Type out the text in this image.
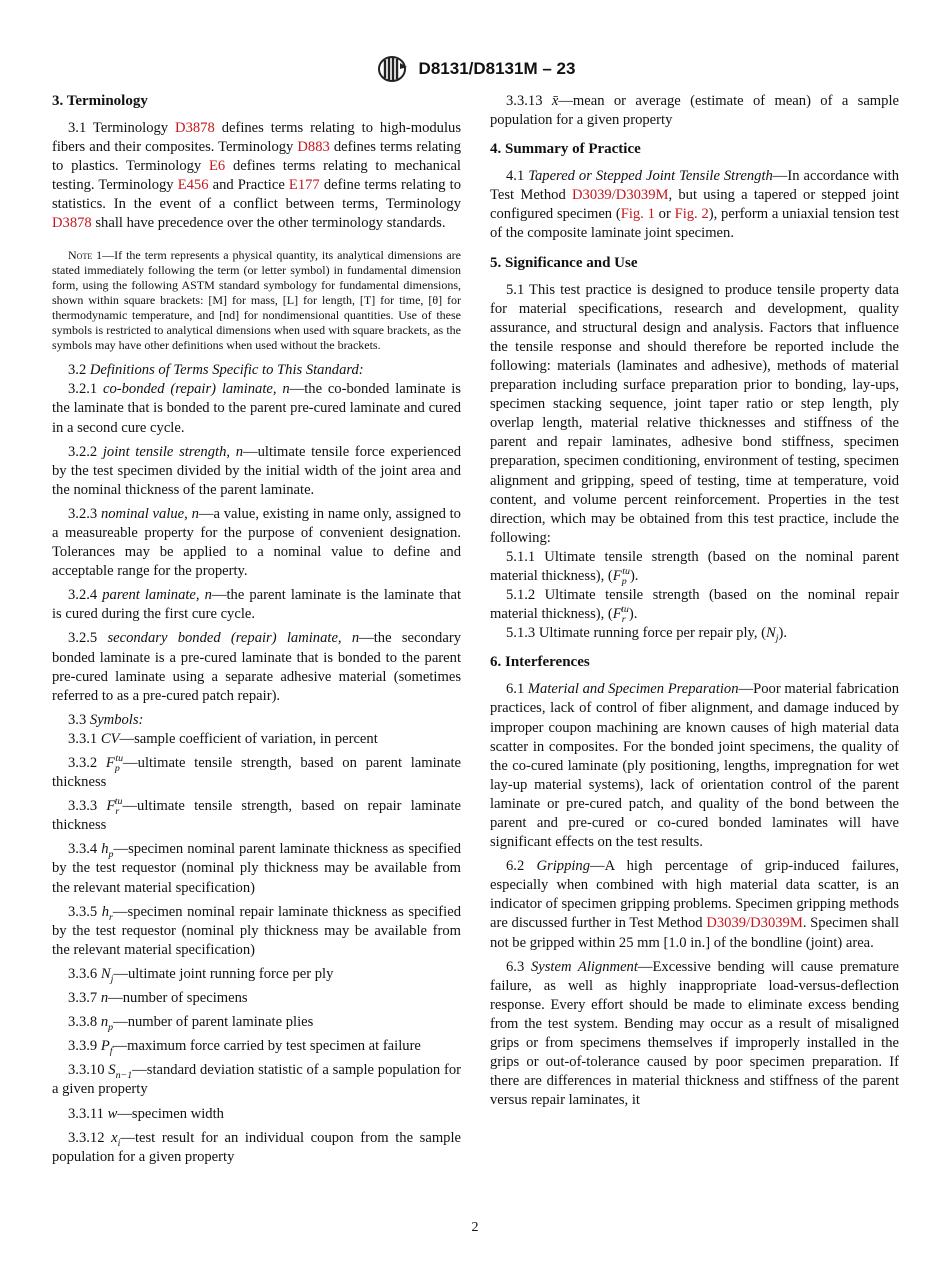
D8131/D8131M – 23
3. Terminology

3.1 Terminology D3878 defines terms relating to high-modulus fibers and their composites. Terminology D883 defines terms relating to plastics. Terminology E6 defines terms relating to mechanical testing. Terminology E456 and Practice E177 define terms relating to statistics. In the event of a conflict between terms, Terminology D3878 shall have precedence over the other terminology standards.

Note 1—If the term represents a physical quantity, its analytical dimensions are stated immediately following the term (or letter symbol) in fundamental dimension form, using the following ASTM standard symbology for fundamental dimensions, shown within square brackets: [M] for mass, [L] for length, [T] for time, [θ] for thermodynamic temperature, and [nd] for nondimensional quantities. Use of these symbols is restricted to analytical dimensions when used with square brackets, as the symbols may have other definitions when used without the brackets.

3.2 Definitions of Terms Specific to This Standard:

3.2.1 co-bonded (repair) laminate, n—the co-bonded laminate is the laminate that is bonded to the parent pre-cured laminate and cured in a second cure cycle.

3.2.2 joint tensile strength, n—ultimate tensile force experienced by the test specimen divided by the initial width of the joint area and the nominal thickness of the parent laminate.

3.2.3 nominal value, n—a value, existing in name only, assigned to a measureable property for the purpose of convenient designation. Tolerances may be applied to a nominal value to define and acceptable range for the property.

3.2.4 parent laminate, n—the parent laminate is the laminate that is cured during the first cure cycle.

3.2.5 secondary bonded (repair) laminate, n—the secondary bonded laminate is a pre-cured laminate that is bonded to the parent pre-cured laminate using a separate adhesive material (sometimes referred to as a pre-cured patch repair).

3.3 Symbols:

3.3.1 CV—sample coefficient of variation, in percent

3.3.2 $F_p^{tu}—ultimate$ tensile strength, based on parent laminate thickness

3.3.3 $F_r^{tu}—ultimate$ tensile strength, based on repair laminate thickness

3.3.4 $h_p—specimen$ nominal parent laminate thickness as specified by the test requestor (nominal ply thickness may be available from the relevant material specification)

3.3.5 $h_r—specimen$ nominal repair laminate thickness as specified by the test requestor (nominal ply thickness may be available from the relevant material specification)

3.3.6 $N_j—ultimate$ joint running force per ply

3.3.7 n—number of specimens

3.3.8 $n_p—number$ of parent laminate plies

3.3.9 $P_f—maximum$ force carried by test specimen at failure

3.3.10 $S_{n-1}—standard$ deviation statistic of a sample population for a given property

3.3.11 w—specimen width

3.3.12 $x_i—test$ result for an individual coupon from the sample population for a given property

3.3.13 x̄—mean or average (estimate of mean) of a sample population for a given property

4. Summary of Practice

4.1 Tapered or Stepped Joint Tensile Strength—In accordance with Test Method D3039/D3039M, but using a tapered or stepped joint configured specimen (Fig. 1 or Fig. 2), perform a uniaxial tension test of the composite laminate joint specimen.

5. Significance and Use

5.1 This test practice is designed to produce tensile property data for material specifications, research and development, quality assurance, and structural design and analysis. Factors that influence the tensile response and should therefore be reported include the following: materials (laminates and adhesive), methods of material preparation including surface preparation prior to bonding, lay-ups, specimen stacking sequence, joint taper ratio or step length, ply overlap length, material relative thicknesses and stiffness of the parent and repair laminates, adhesive bond stiffness, specimen preparation, specimen conditioning, environment of testing, specimen alignment and gripping, speed of testing, time at temperature, void content, and volume percent reinforcement. Properties in the test direction, which may be obtained from this test practice, include the following:

5.1.1 Ultimate tensile strength (based on the nominal parent material thickness), $(F_p^{tu})$.

5.1.2 Ultimate tensile strength (based on the nominal repair material thickness), $(F_r^{tu})$.

5.1.3 Ultimate running force per repair ply, $(N_j)$.

6. Interferences

6.1 Material and Specimen Preparation—Poor material fabrication practices, lack of control of fiber alignment, and damage induced by improper coupon machining are known causes of high material data scatter in composites. For the bonded joint specimens, the quality of the co-cured laminate (ply positioning, lengths, impregnation for wet lay-up material systems), lack of orientation control of the parent laminate or pre-cured patch, and quality of the bond between the parent and pre-cured or co-cured bonded laminates will have significant effects on the test results.

6.2 Gripping—A high percentage of grip-induced failures, especially when combined with high material data scatter, is an indicator of specimen gripping problems. Specimen gripping methods are discussed further in Test Method D3039/D3039M. Specimen shall not be gripped within 25 mm [1.0 in.] of the bondline (joint) area.

6.3 System Alignment—Excessive bending will cause premature failure, as well as highly inappropriate load-versus-deflection response. Every effort should be made to eliminate excess bending from the test system. Bending may occur as a result of misaligned grips or from specimens themselves if improperly installed in the grips or out-of-tolerance caused by poor specimen preparation. If there are differences in material thickness and stiffness of the parent versus repair laminates, it

2
